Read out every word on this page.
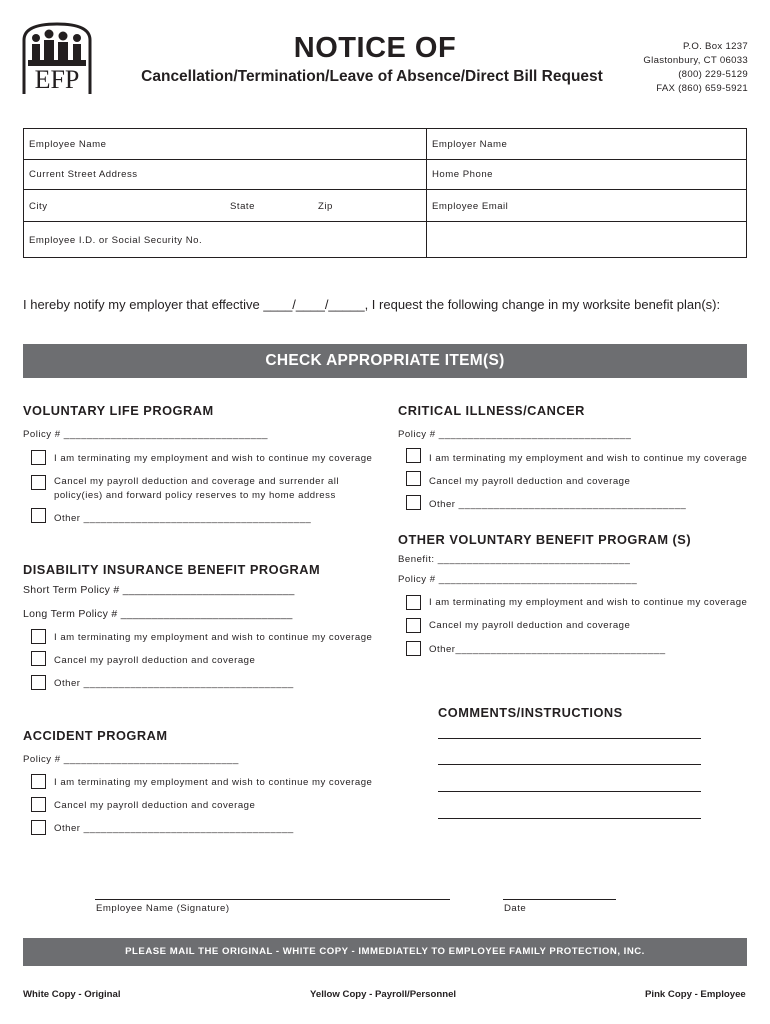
EFP
NOTICE OF
Cancellation/Termination/Leave of Absence/Direct Bill Request
P.O. Box 1237
Glastonbury, CT 06033
(800) 229-5129
FAX (860) 659-5921
Employee Name	Employer Name
Current Street Address	Home Phone
City	State	Zip	Employee Email
Employee I.D. or Social Security No.
I hereby notify my employer that effective ____/____/_____, I request the following change in my worksite benefit plan(s):
CHECK APPROPRIATE ITEM(S)
VOLUNTARY LIFE PROGRAM
Policy # ___________________________________
I am terminating my employment and wish to continue my coverage
Cancel my payroll deduction and coverage and surrender all
policy(ies) and forward policy reserves to my home address
Other _______________________________________
DISABILITY INSURANCE BENEFIT PROGRAM
Short Term Policy # ____________________________
Long Term Policy # ____________________________
I am terminating my employment and wish to continue my coverage
Cancel my payroll deduction and coverage
Other ____________________________________
ACCIDENT PROGRAM
Policy # ______________________________
I am terminating my employment and wish to continue my coverage
Cancel my payroll deduction and coverage
Other ____________________________________
CRITICAL ILLNESS/CANCER
Policy # _________________________________
I am terminating my employment and wish to continue my coverage
Cancel my payroll deduction and coverage
Other _______________________________________
OTHER VOLUNTARY BENEFIT PROGRAM (S)
Benefit: _________________________________
Policy # __________________________________
I am terminating my employment and wish to continue my coverage
Cancel my payroll deduction and coverage
Other____________________________________
COMMENTS/INSTRUCTIONS
Employee Name (Signature)	Date
PLEASE MAIL THE ORIGINAL - WHITE COPY - IMMEDIATELY TO EMPLOYEE FAMILY PROTECTION, INC.
White Copy - Original	Yellow Copy - Payroll/Personnel	Pink Copy - Employee
